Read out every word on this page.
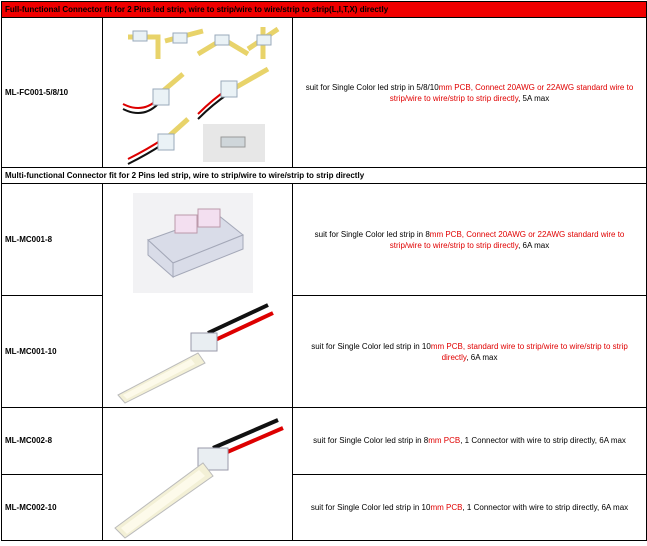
Full-functional Connector fit for 2 Pins led strip, wire to strip/wire to wire/strip to strip(L,I,T,X) directly		
ML-FC001-5/8/10		suit for Single Color led strip in 5/8/10mm PCB, Connect 20AWG or 22AWG standard wire to strip/wire to wire/strip to strip directly, 5A max
Multi-functional Connector fit for 2 Pins led strip, wire to strip/wire to wire/strip to strip directly		
ML-MC001-8		suit for Single Color led strip in 8mm PCB, Connect 20AWG or 22AWG standard wire to strip/wire to wire/strip to strip directly, 6A max
ML-MC001-10		suit for Single Color led strip in 10mm PCB, standard wire to strip/wire to wire/strip to strip directly, 6A max
ML-MC002-8		suit for Single Color led strip in 8mm PCB, 1 Connector with wire to strip directly, 6A max
ML-MC002-10		suit for Single Color led strip in 10mm PCB, 1 Connector with wire to strip directly, 6A max
